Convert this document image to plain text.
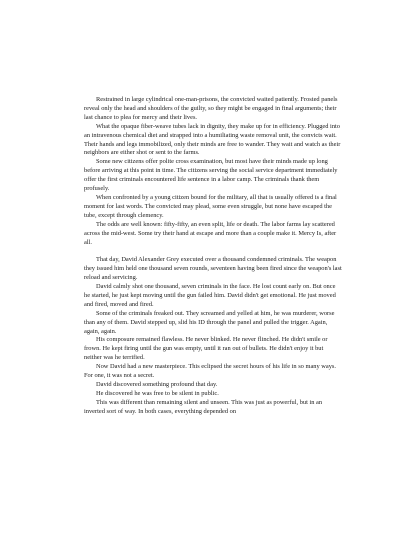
Restrained in large cylindrical one-man-prisons, the convicted waited patiently. Frosted panels reveal only the head and shoulders of the guilty, so they might be engaged in final arguments; their last chance to plea for mercy and their lives.

What the opaque fiber-weave tubes lack in dignity, they make up for in efficiency. Plugged into an intravenous chemical diet and strapped into a humiliating waste removal unit, the convicts wait. Their hands and legs immobilized, only their minds are free to wander. They wait and watch as their neighbors are either shot or sent to the farms.

Some new citizens offer polite cross examination, but most have their minds made up long before arriving at this point in time. The citizens serving the social service department immediately offer the first criminals encountered life sentence in a labor camp. The criminals thank them profusely.

When confronted by a young citizen bound for the military, all that is usually offered is a final moment for last words. The convicted may plead, some even struggle, but none have escaped the tube, except through clemency.

The odds are well known: fifty-fifty, an even split, life or death. The labor farms lay scattered across the mid-west. Some try their hand at escape and more than a couple make it. Mercy Is, after all.

That day, David Alexander Grey executed over a thousand condemned criminals. The weapon they issued him held one thousand seven rounds, seventeen having been fired since the weapon's last reload and servicing.

David calmly shot one thousand, seven criminals in the face. He lost count early on. But once he started, he just kept moving until the gun failed him. David didn't get emotional. He just moved and fired, moved and fired.

Some of the criminals freaked out. They screamed and yelled at him, he was murderer, worse than any of them. David stepped up, slid his ID through the panel and pulled the trigger. Again, again, again.

His composure remained flawless. He never blinked. He never flinched. He didn't smile or frown. He kept firing until the gun was empty, until it ran out of bullets. He didn't enjoy it but neither was he terrified.

Now David had a new masterpiece. This eclipsed the secret hours of his life in so many ways. For one, it was not a secret.

David discovered something profound that day.

He discovered he was free to be silent in public.

This was different than remaining silent and unseen. This was just as powerful, but in an inverted sort of way. In both cases, everything depended on
